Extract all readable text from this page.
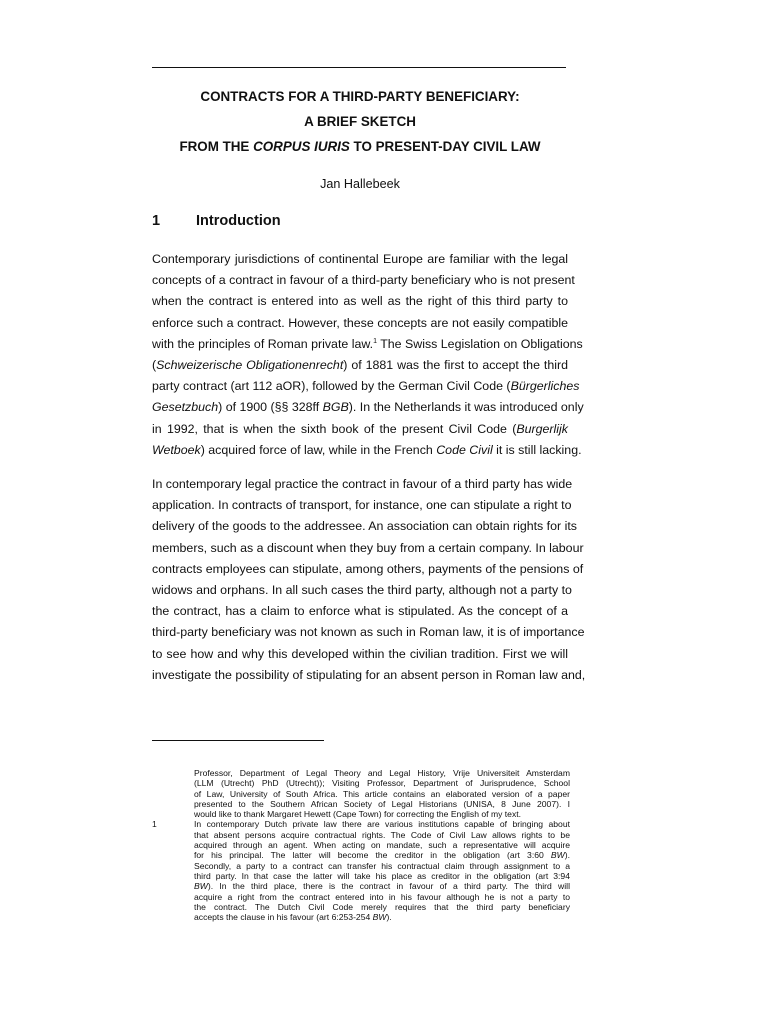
CONTRACTS FOR A THIRD-PARTY BENEFICIARY:
A BRIEF SKETCH
FROM THE CORPUS IURIS TO PRESENT-DAY CIVIL LAW
Jan Hallebeek
1 Introduction
Contemporary jurisdictions of continental Europe are familiar with the legal
concepts of a contract in favour of a third-party beneficiary who is not present
when the contract is entered into as well as the right of this third party to
enforce such a contract. However, these concepts are not easily compatible
with the principles of Roman private law.$^1$ The Swiss Legislation on Obligations
(Schweizerische Obligationenrecht) of 1881 was the first to accept the third
party contract (art 112 aOR), followed by the German Civil Code (Bürgerliches
Gesetzbuch) of 1900 (§§ 328ff BGB). In the Netherlands it was introduced only
in 1992, that is when the sixth book of the present Civil Code (Burgerlijk
Wetboek) acquired force of law, while in the French Code Civil it is still lacking.
In contemporary legal practice the contract in favour of a third party has wide
application. In contracts of transport, for instance, one can stipulate a right to
delivery of the goods to the addressee. An association can obtain rights for its
members, such as a discount when they buy from a certain company. In labour
contracts employees can stipulate, among others, payments of the pensions of
widows and orphans. In all such cases the third party, although not a party to
the contract, has a claim to enforce what is stipulated. As the concept of a
third-party beneficiary was not known as such in Roman law, it is of importance
to see how and why this developed within the civilian tradition. First we will
investigate the possibility of stipulating for an absent person in Roman law and,
Professor, Department of Legal Theory and Legal History, Vrije Universiteit Amsterdam
(LLM (Utrecht) PhD (Utrecht)); Visiting Professor, Department of Jurisprudence, School
of Law, University of South Africa. This article contains an elaborated version of a paper
presented to the Southern African Society of Legal Historians (UNISA, 8 June 2007). I
would like to thank Margaret Hewett (Cape Town) for correcting the English of my text.
1	In contemporary Dutch private law there are various institutions capable of bringing about
that absent persons acquire contractual rights. The Code of Civil Law allows rights to be
acquired through an agent. When acting on mandate, such a representative will acquire
for his principal. The latter will become the creditor in the obligation (art 3:60 BW).
Secondly, a party to a contract can transfer his contractual claim through assignment to a
third party. In that case the latter will take his place as creditor in the obligation (art 3:94
BW). In the third place, there is the contract in favour of a third party. The third will
acquire a right from the contract entered into in his favour although he is not a party to
the contract. The Dutch Civil Code merely requires that the third party beneficiary
accepts the clause in his favour (art 6:253-254 BW).
